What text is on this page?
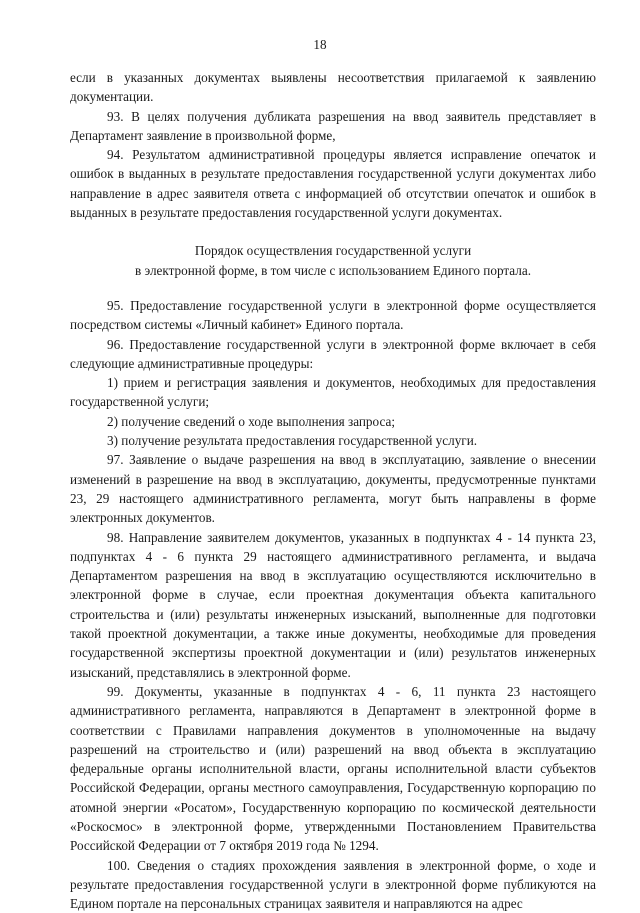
18

если в указанных документах выявлены несоответствия прилагаемой к заявлению документации.

93. В целях получения дубликата разрешения на ввод заявитель представляет в Департамент заявление в произвольной форме,

94. Результатом административной процедуры является исправление опечаток и ошибок в выданных в результате предоставления государственной услуги документах либо направление в адрес заявителя ответа с информацией об отсутствии опечаток и ошибок в выданных в результате предоставления государственной услуги документах.

Порядок осуществления государственной услуги
в электронной форме, в том числе с использованием Единого портала.

95. Предоставление государственной услуги в электронной форме осуществляется посредством системы «Личный кабинет» Единого портала.

96. Предоставление государственной услуги в электронной форме включает в себя следующие административные процедуры:

1) прием и регистрация заявления и документов, необходимых для предоставления государственной услуги;

2) получение сведений о ходе выполнения запроса;

3) получение результата предоставления государственной услуги.

97. Заявление о выдаче разрешения на ввод в эксплуатацию, заявление о внесении изменений в разрешение на ввод в эксплуатацию, документы, предусмотренные пунктами 23, 29 настоящего административного регламента, могут быть направлены в форме электронных документов.

98. Направление заявителем документов, указанных в подпунктах 4 - 14 пункта 23, подпунктах 4 - 6 пункта 29 настоящего административного регламента, и выдача Департаментом разрешения на ввод в эксплуатацию осуществляются исключительно в электронной форме в случае, если проектная документация объекта капитального строительства и (или) результаты инженерных изысканий, выполненные для подготовки такой проектной документации, а также иные документы, необходимые для проведения государственной экспертизы проектной документации и (или) результатов инженерных изысканий, представлялись в электронной форме.

99. Документы, указанные в подпунктах 4 - 6, 11 пункта 23 настоящего административного регламента, направляются в Департамент в электронной форме в соответствии с Правилами направления документов в уполномоченные на выдачу разрешений на строительство и (или) разрешений на ввод объекта в эксплуатацию федеральные органы исполнительной власти, органы исполнительной власти субъектов Российской Федерации, органы местного самоуправления, Государственную корпорацию по атомной энергии «Росатом», Государственную корпорацию по космической деятельности «Роскосмос» в электронной форме, утвержденными Постановлением Правительства Российской Федерации от 7 октября 2019 года № 1294.

100. Сведения о стадиях прохождения заявления в электронной форме, о ходе и результате предоставления государственной услуги в электронной форме публикуются на Едином портале на персональных страницах заявителя и направляются на адрес
